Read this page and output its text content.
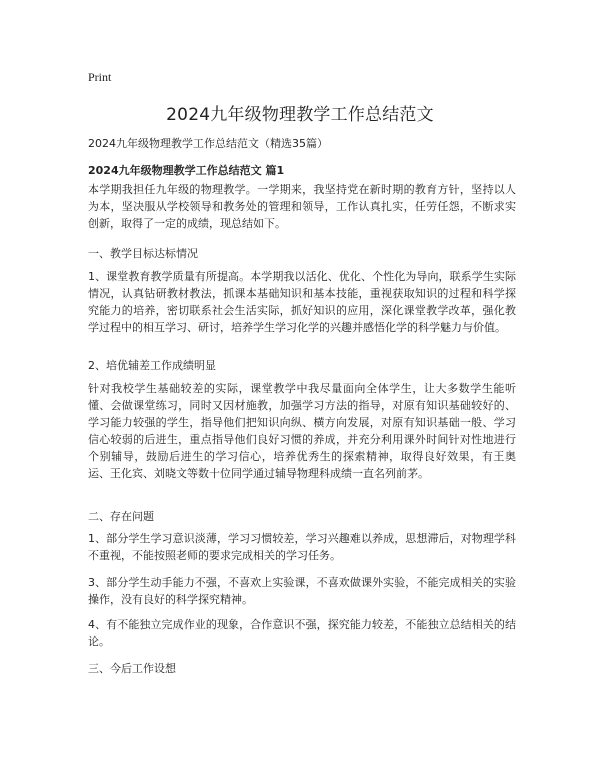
Print
2024九年级物理教学工作总结范文
2024九年级物理教学工作总结范文（精选35篇）
2024九年级物理教学工作总结范文 篇1

本学期我担任九年级的物理教学。一学期来，我坚持党在新时期的教育方针，坚持以人为本，坚决服从学校领导和教务处的管理和领导，工作认真扎实，任劳任怨，不断求实创新，取得了一定的成绩，现总结如下。

一、教学目标达标情况

1、课堂教育教学质量有所提高。本学期我以活化、优化、个性化为导向，联系学生实际情况，认真钻研教材教法，抓课本基础知识和基本技能，重视获取知识的过程和科学探究能力的培养，密切联系社会生活实际，抓好知识的应用，深化课堂教学改革，强化教学过程中的相互学习、研讨，培养学生学习化学的兴趣并感悟化学的科学魅力与价值。

2、培优辅差工作成绩明显

针对我校学生基础较差的实际，课堂教学中我尽量面向全体学生，让大多数学生能听懂、会做课堂练习，同时又因材施教，加强学习方法的指导，对原有知识基础较好的、学习能力较强的学生，指导他们把知识向纵、横方向发展，对原有知识基础一般、学习信心较弱的后进生，重点指导他们良好习惯的养成，并充分利用课外时间针对性地进行个别辅导，鼓励后进生的学习信心，培养优秀生的探索精神，取得良好效果，有王奥运、王化宾、刘晓文等数十位同学通过辅导物理科成绩一直名列前茅。

二、存在问题

1、部分学生学习意识淡薄，学习习惯较差，学习兴趣难以养成，思想滞后，对物理学科不重视，不能按照老师的要求完成相关的学习任务。

3、部分学生动手能力不强，不喜欢上实验课，不喜欢做课外实验，不能完成相关的实验操作，没有良好的科学探究精神。

4、有不能独立完成作业的现象，合作意识不强，探究能力较差，不能独立总结相关的结论。

三、今后工作设想
